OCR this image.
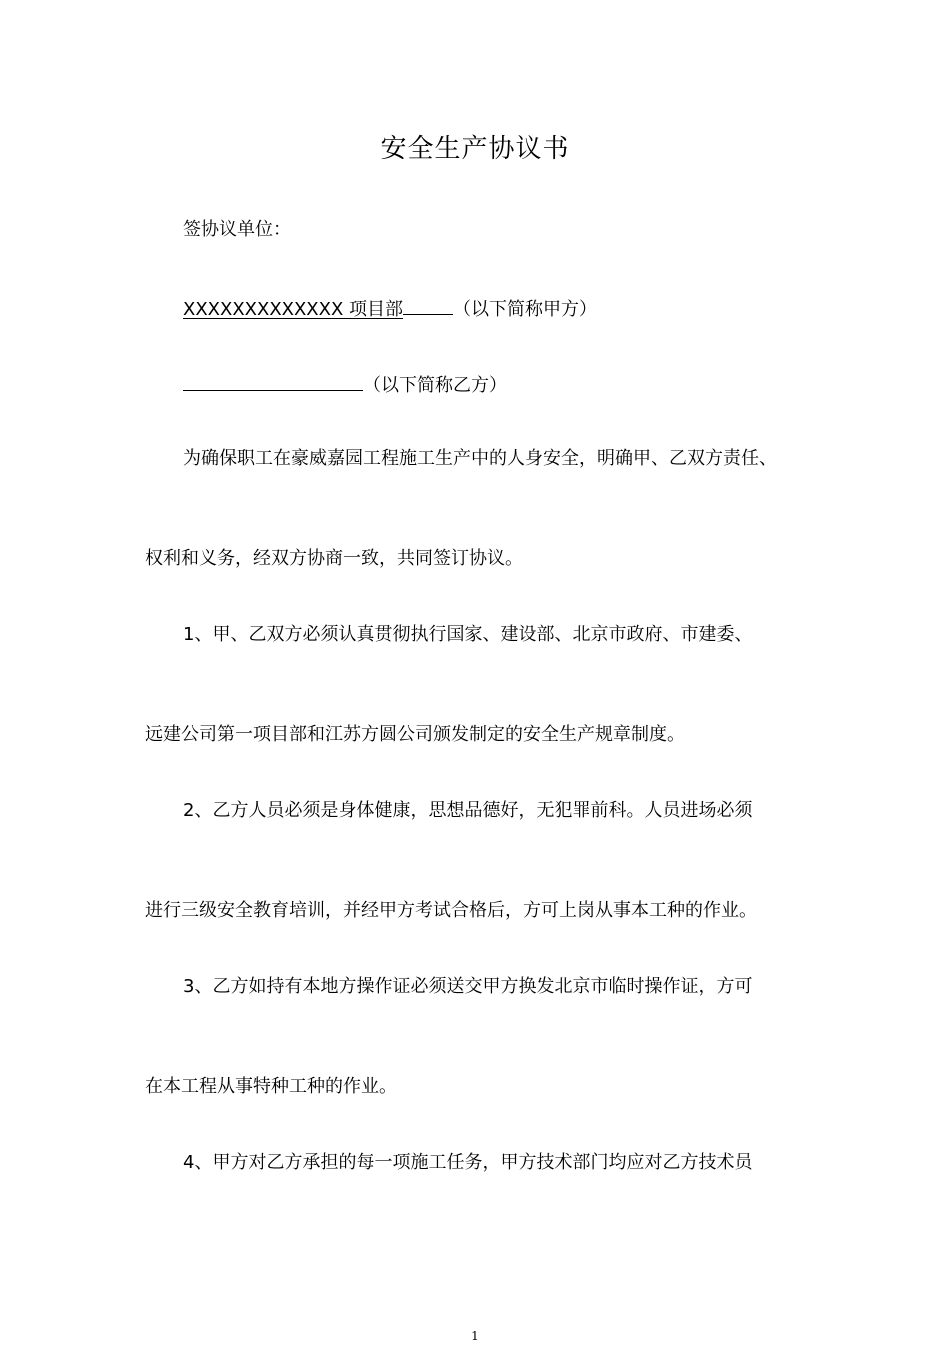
安全生产协议书
签协议单位：
XXXXXXXXXXXXX 项目部	（以下简称甲方）
（以下简称乙方）
为确保职工在豪威嘉园工程施工生产中的人身安全，明确甲、乙双方责任、
权利和义务，经双方协商一致，共同签订协议。
1、甲、乙双方必须认真贯彻执行国家、建设部、北京市政府、市建委、
远建公司第一项目部和江苏方圆公司颁发制定的安全生产规章制度。
2、乙方人员必须是身体健康，思想品德好，无犯罪前科。人员进场必须
进行三级安全教育培训，并经甲方考试合格后，方可上岗从事本工种的作业。
3、乙方如持有本地方操作证必须送交甲方换发北京市临时操作证，方可
在本工程从事特种工种的作业。
4、甲方对乙方承担的每一项施工任务，甲方技术部门均应对乙方技术员
1
